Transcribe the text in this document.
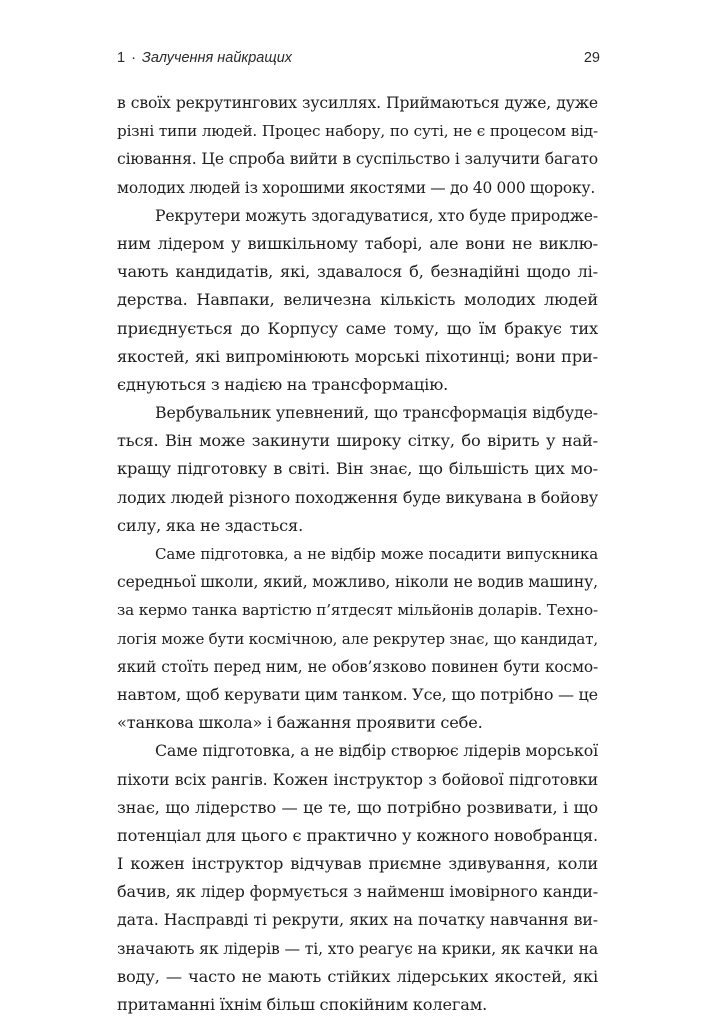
1 · Залучення найкращих	29
в своїх рекрутингових зусиллях. Приймаються дуже, дуже
різні типи людей. Процес набору, по суті, не є процесом від-
сіювання. Це спроба вийти в суспільство і залучити багато
молодих людей із хорошими якостями — до 40 000 щороку.
Рекрутери можуть здогадуватися, хто буде природже-
ним лідером у вишкільному таборі, але вони не виклю-
чають кандидатів, які, здавалося б, безнадійні щодо лі-
дерства. Навпаки, величезна кількість молодих людей
приєднується до Корпусу саме тому, що їм бракує тих
якостей, які випромінюють морські піхотинці; вони при-
єднуються з надією на трансформацію.
Вербувальник упевнений, що трансформація відбуде-
ться. Він може закинути широку сітку, бо вірить у най-
кращу підготовку в світі. Він знає, що більшість цих мо-
лодих людей різного походження буде викувана в бойову
силу, яка не здасться.
Саме підготовка, а не відбір може посадити випускника
середньої школи, який, можливо, ніколи не водив машину,
за кермо танка вартістю п’ятдесят мільйонів доларів. Техно-
логія може бути космічною, але рекрутер знає, що кандидат,
який стоїть перед ним, не обов’язково повинен бути космо-
навтом, щоб керувати цим танком. Усе, що потрібно — це
«танкова школа» і бажання проявити себе.
Саме підготовка, а не відбір створює лідерів морської
піхоти всіх рангів. Кожен інструктор з бойової підготовки
знає, що лідерство — це те, що потрібно розвивати, і що
потенціал для цього є практично у кожного новобранця.
І кожен інструктор відчував приємне здивування, коли
бачив, як лідер формується з найменш імовірного канди-
дата. Насправді ті рекрути, яких на початку навчання ви-
значають як лідерів — ті, хто реагує на крики, як качки на
воду, — часто не мають стійких лідерських якостей, які
притаманні їхнім більш спокійним колегам.
